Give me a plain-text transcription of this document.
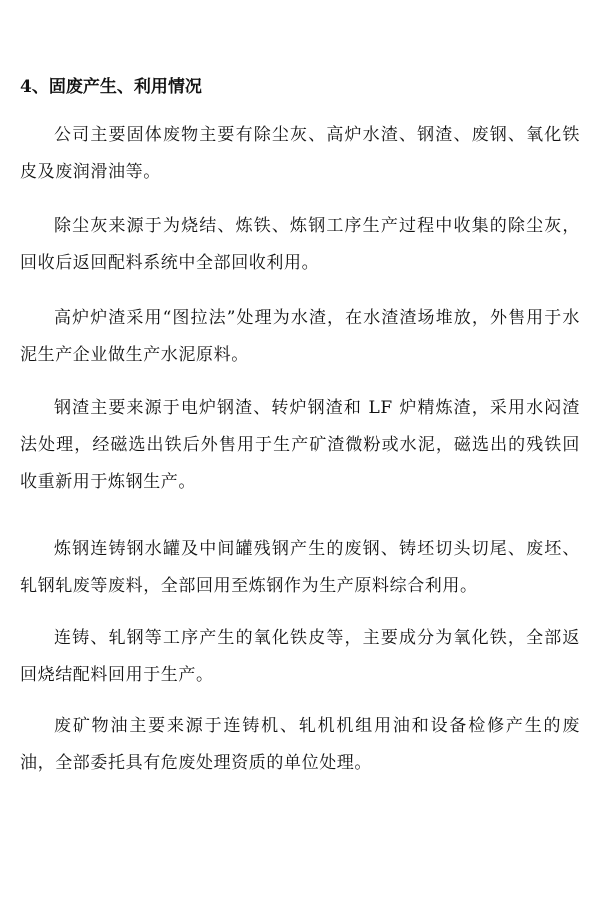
4、固废产生、利用情况

公司主要固体废物主要有除尘灰、高炉水渣、钢渣、废钢、氧化铁皮及废润滑油等。

除尘灰来源于为烧结、炼铁、炼钢工序生产过程中收集的除尘灰，回收后返回配料系统中全部回收利用。

高炉炉渣采用“图拉法”处理为水渣，在水渣渣场堆放，外售用于水泥生产企业做生产水泥原料。

钢渣主要来源于电炉钢渣、转炉钢渣和 LF 炉精炼渣，采用水闷渣法处理，经磁选出铁后外售用于生产矿渣微粉或水泥，磁选出的残铁回收重新用于炼钢生产。

炼钢连铸钢水罐及中间罐残钢产生的废钢、铸坯切头切尾、废坯、轧钢轧废等废料，全部回用至炼钢作为生产原料综合利用。

连铸、轧钢等工序产生的氧化铁皮等，主要成分为氧化铁，全部返回烧结配料回用于生产。

废矿物油主要来源于连铸机、轧机机组用油和设备检修产生的废油，全部委托具有危废处理资质的单位处理。
